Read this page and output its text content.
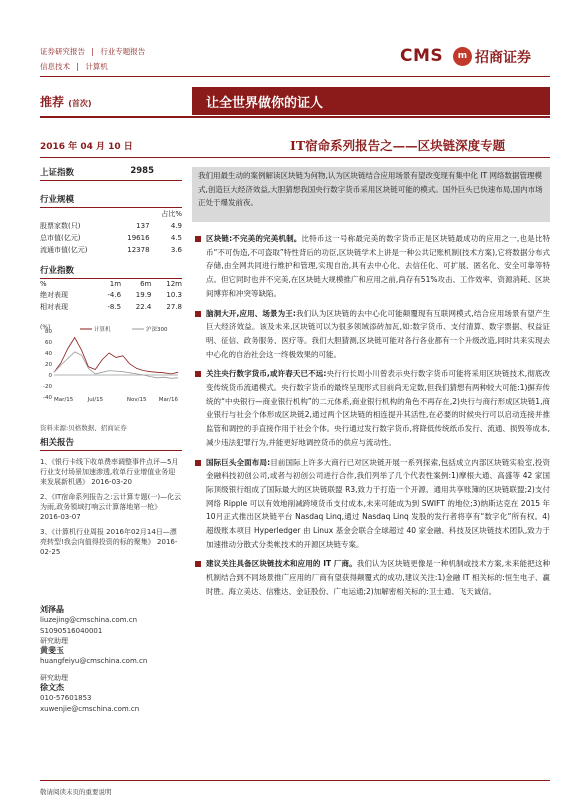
证券研究报告 | 行业专题报告
信息技术 | 计算机
CMS	m 招商证券
推荐 (首次)	让全世界做你的证人
2016 年 04 月 10 日	IT宿命系列报告之——区块链深度专题
上证指数	2985
行业规模
		占比%
股票家数(只)	137	4.9
总市值(亿元)	19616	4.5
流通市值(亿元)	12378	3.6
行业指数
%	1m	6m	12m
绝对表现	-4.6	19.9	10.3
相对表现	-8.5	22.4	27.8
(%)
80
60
40
20
0
-20
-40 Mar/15	Jul/15	Nov/15 Mar/16
计算机	沪深300
资料来源:贝格数据、招商证券
相关报告
1、《银行卡线下收单费率调整事件点评—5月行业支付场景加速渗透,收单行业增值业务迎来发展新机遇》 2016-03-20
2、《IT宿命系列报告之:云计算专题(一)—化云为雨,政务領域打响云计算落地第一枪》 2016-03-07
3、《计算机行业周报 2016年02月14日—漂亮转型!我会向值得投资的标的聚集》 2016-02-25
刘泽晶
liuzejing@cmschina.com.cn
S1090516040001
研究助理
黄斐玉
huangfeiyu@cmschina.com.cn
研究助理
徐文杰
010-57601853
xuwenjie@cmschina.com.cn
我们用最生动的案例解读区块链为何物,认为区块链结合应用场景有望改变现有集中化 IT 网络数据管理模式,创造巨大经济效益,大胆猜想我国央行数字货币采用区块链可能的模式。国外巨头已快速布局,国内市场正处于爆发前夜。
区块链:不完美的完美机制。比特币这一号称最完美的数字货币正是区块链最成功的应用之一,也是比特币“不可伪造,不可盗取”特性背后的功臣,区块链学术上讲是一种公共记账机制(技术方案),它将数据分布式存储,由全网共同进行维护和管理,实现自治,具有去中心化、去信任化、可扩展、匿名化、安全可靠等特点。但它同时也并不完美,在区块链大规模推广和应用之前,尚存有51%攻击、工作效率、资源消耗、区块间博弈和冲突等缺陷。
脑洞大开,应用、场景为王:我们认为区块链的去中心化可能颠覆现有互联网模式,结合应用场景有望产生巨大经济效益。该及未来,区块链可以为很多领域添砖加瓦,如:数字货币、支付清算、数字票据、权益证明、征信、政务服务、医疗等。我们大胆猜测,区块链可能对各行各业都有一个升级改造,同时共来实现去中心化的自治社会这一终极效果的可能。
关注央行数字货币,或许春天已不远:央行行长周小川曾表示央行数字货币可能将采用区块链技术,彻底改变传统货币流通模式。央行数字货币的最终呈现形式目前尚无定数,但我们猜想有两种较大可能:1)摒弃传统的“中央银行—商业银行机构”的二元体系,商业银行机构的角色不再存在,2)央行与商行形成区块链1,商业银行与社会个体形成区块链2,通过两个区块链的相连提升其活性,在必要的时候央行可以启动连接并推监管和调控的手直接作用于社会个体。央行通过发行数字货币,将降低传统纸币发行、流通、损毁等成本,减少违法犯罪行为,并能更好地调控货币的供应与流动性。
国际巨头全面布局:目前国际上许多大商行已对区块链开展一系列探索,包括成立内部区块链实验室,投资金融科技初创公司,或者与初创公司进行合作,我们列举了几个代表性案例:1)摩根大通、高盛等 42 家国际顶级银行组成了国际最大的区块链联盟 R3,致力于打造一个开源、通用共享账簿的区块链联盟;2)支付网络 Ripple 可以有效地削减跨境货币支付成本,未来可能成为到 SWIFT 的地位;3)纳斯达克在 2015 年10月正式推出区块链平台 Nasdaq Linq,通过 Nasdaq Linq 发股的发行者将享有“数字化”所有权。4)超级账本项目 Hyperledger 由 Linux 基金会联合全球超过 40 家金融、科技及区块链技术团队,致力于加速推动分散式分类帐技术的开源区块链专案。
建议关注具备区块链技术和应用的 IT 厂商。我们认为区块链更像是一种机制或技术方案,未来能把这种机制结合到不同场景推广应用的厂商有望获得颠覆式的成功,建议关注:1)金融 IT 相关标的:恒生电子、赢时胜、海立美达、信雅达、金证股份、广电运通;2)加解密相关标的:卫士通、飞天诚信。
敬请阅读末页的重要说明
